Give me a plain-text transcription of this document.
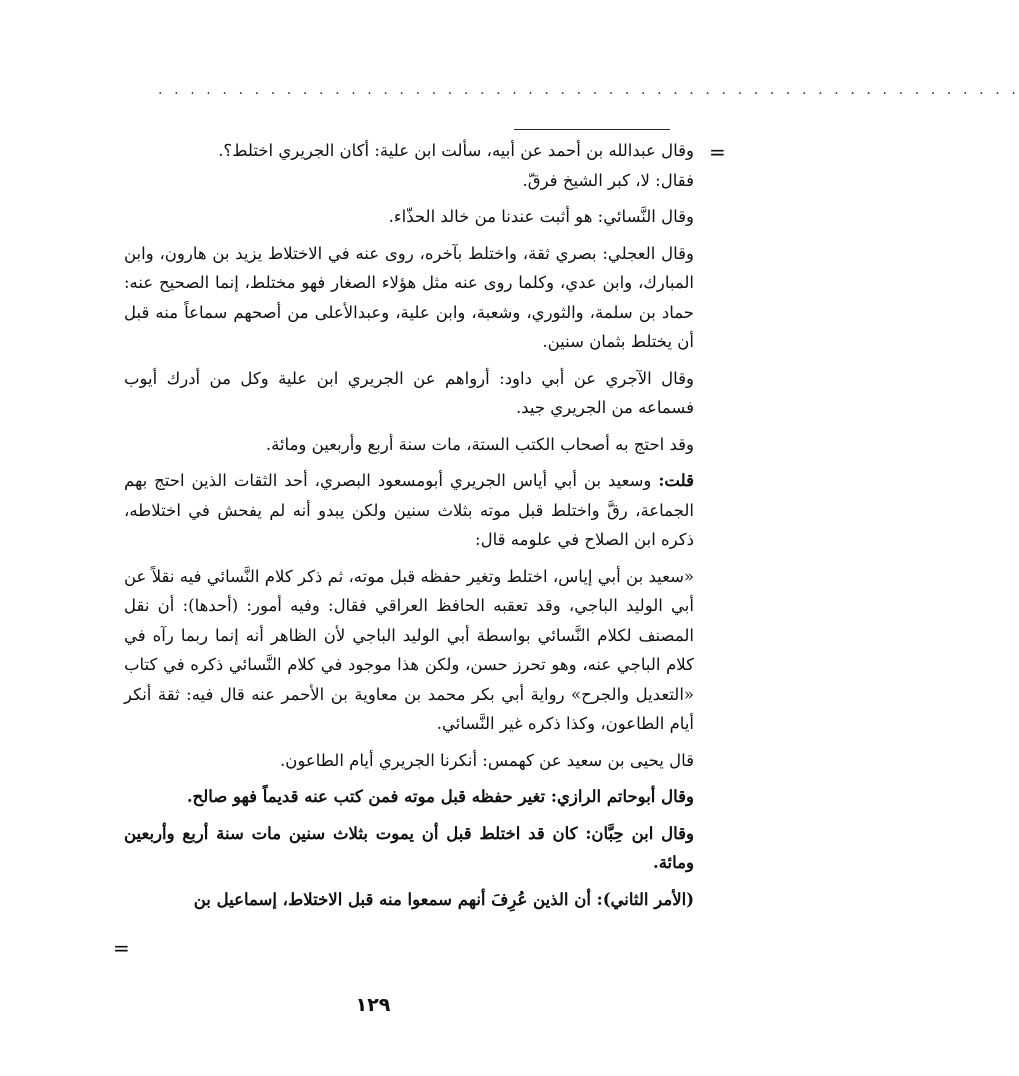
. . . . . . . . . . . . . . . . . . . . . . . . . . . . . . . . . . . . . . . . . . . . . . . . . . . . . .
=

وقال عبدالله بن أحمد عن أبيه، سألت ابن علية: أكان الجريري اختلط؟.
فقال: لا، كبر الشيخ فرقّ.

وقال النَّسائي: هو أثبت عندنا من خالد الحذّاء.

وقال العجلي: بصري ثقة، واختلط بآخره، روى عنه في الاختلاط يزيد بن هارون، وابن المبارك، وابن عدي، وكلما روى عنه مثل هؤلاء الصغار فهو مختلط، إنما الصحيح عنه: حماد بن سلمة، والثوري، وشعبة، وابن علية، وعبدالأعلى من أصحهم سماعاً منه قبل أن يختلط بثمان سنين.

وقال الآجري عن أبي داود: أرواهم عن الجريري ابن علية وكل من أدرك أيوب فسماعه من الجريري جيد.

وقد احتج به أصحاب الكتب الستة، مات سنة أربع وأربعين ومائة.

قلت: وسعيد بن أبي أياس الجريري أبومسعود البصري، أحد الثقات الذين احتج بهم الجماعة، رقَّ واختلط قبل موته بثلاث سنين ولكن يبدو أنه لم يفحش في اختلاطه، ذكره ابن الصلاح في علومه قال:

«سعيد بن أبي إياس، اختلط وتغير حفظه قبل موته، ثم ذكر كلام النَّسائي فيه نقلاً عن أبي الوليد الباجي، وقد تعقبه الحافظ العراقي فقال: وفيه أمور: (أحدها): أن نقل المصنف لكلام النَّسائي بواسطة أبي الوليد الباجي لأن الظاهر أنه إنما ربما رآه في كلام الباجي عنه، وهو تحرز حسن، ولكن هذا موجود في كلام النَّسائي ذكره في كتاب «التعديل والجرح» رواية أبي بكر محمد بن معاوية بن الأحمر عنه قال فيه: ثقة أنكر أيام الطاعون، وكذا ذكره غير النَّسائي.

قال يحيى بن سعيد عن كهمس: أنكرنا الجريري أيام الطاعون.

وقال أبوحاتم الرازي: تغير حفظه قبل موته فمن كتب عنه قديماً فهو صالح.

وقال ابن حِبَّان: كان قد اختلط قبل أن يموت بثلاث سنين مات سنة أربع وأربعين ومائة.

(الأمر الثاني): أن الذين عُرِفَ أنهم سمعوا منه قبل الاختلاط، إسماعيل بن

=
١٢٩
